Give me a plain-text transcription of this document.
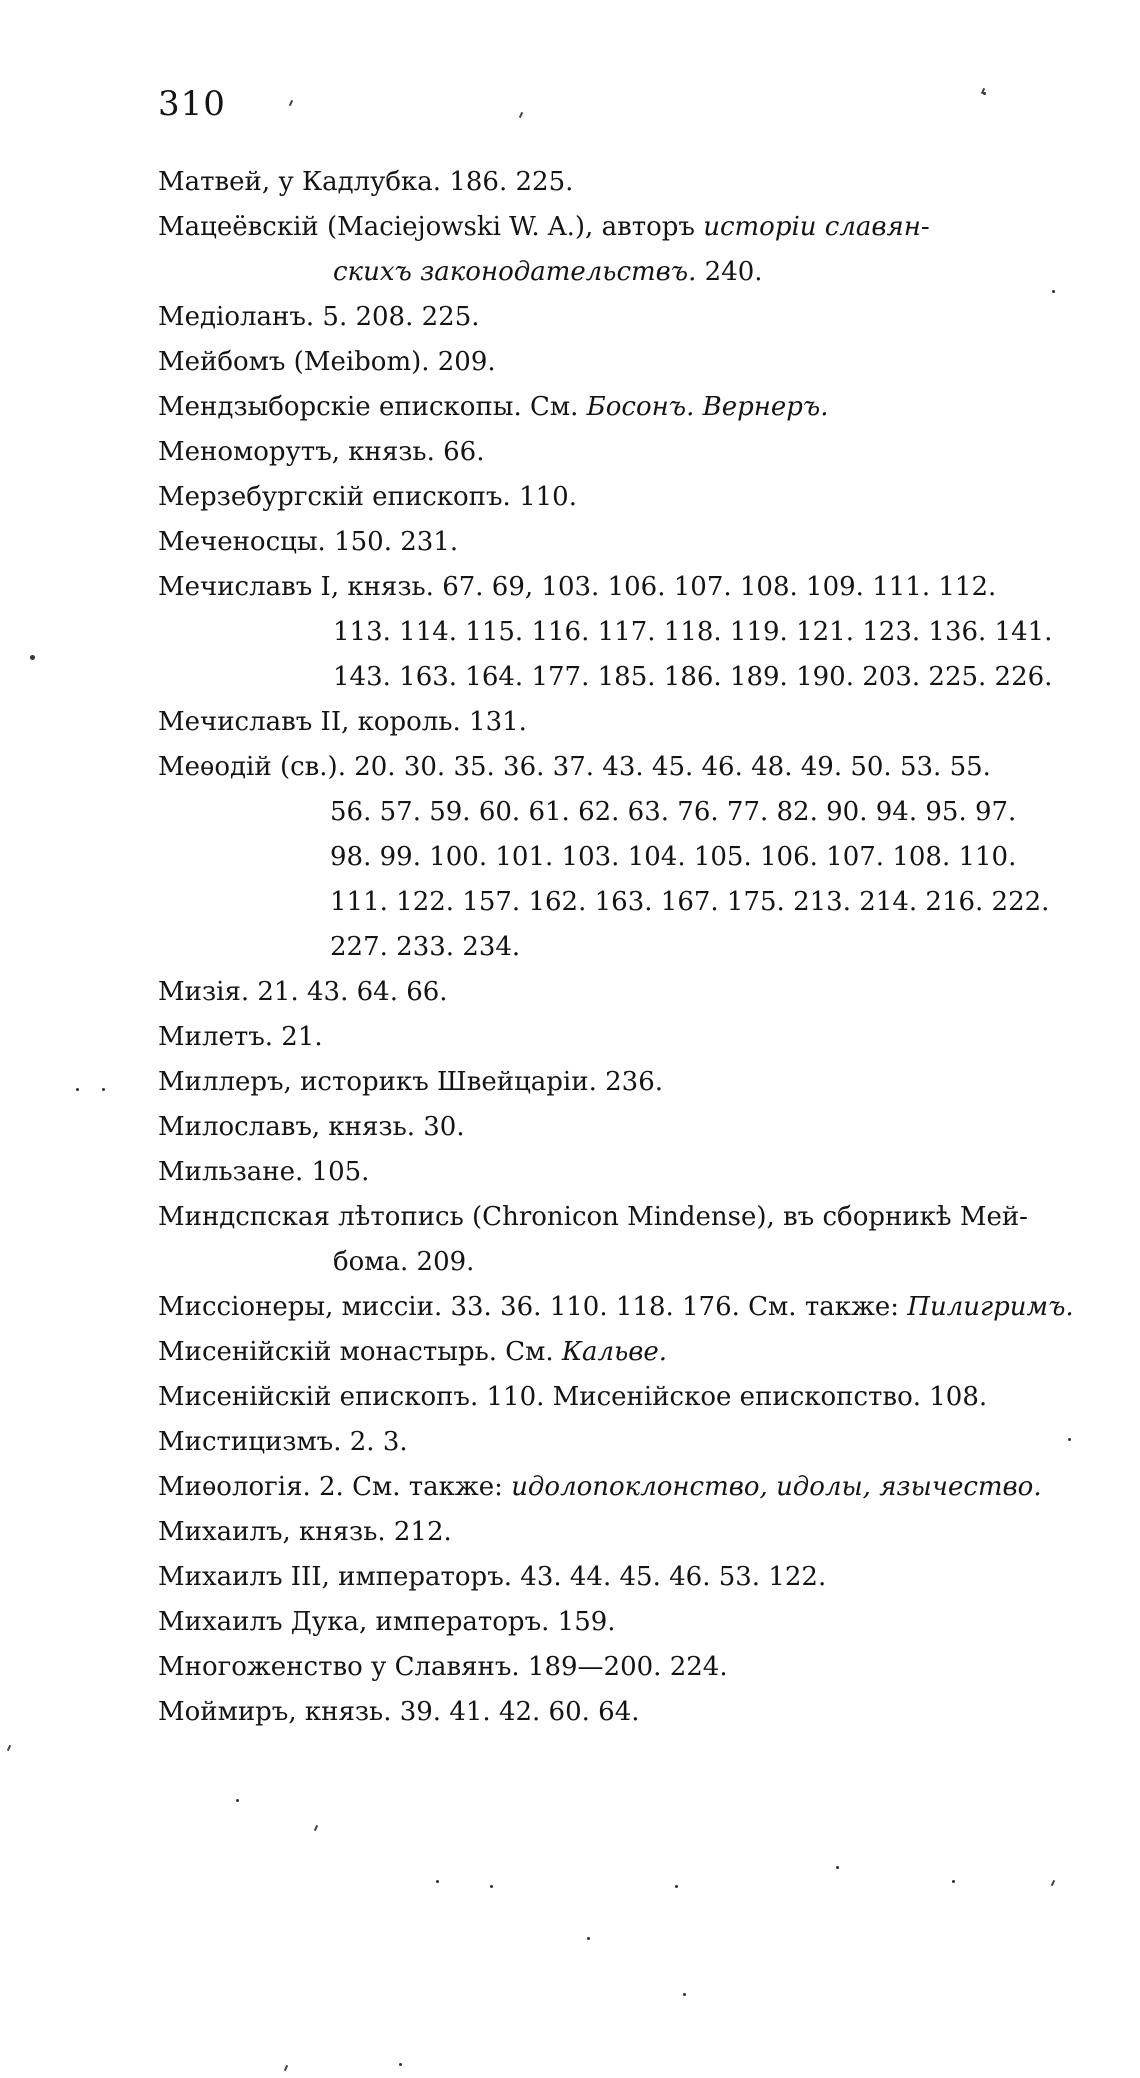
310
Матвей, у Кадлубка. 186. 225.
Мацеёвскій (Maciejowski W. A.), авторъ исторіи славян-
скихъ законодательствъ. 240.
Медіоланъ. 5. 208. 225.
Мейбомъ (Meibom). 209.
Мендзыборскіе епископы. См. Босонъ. Вернеръ.
Меноморутъ, князь. 66.
Мерзебургскій епископъ. 110.
Меченосцы. 150. 231.
Мечиславъ I, князь. 67. 69, 103. 106. 107. 108. 109. 111. 112.
113. 114. 115. 116. 117. 118. 119. 121. 123. 136. 141.
143. 163. 164. 177. 185. 186. 189. 190. 203. 225. 226.
Мечиславъ II, король. 131.
Меѳодій (св.). 20. 30. 35. 36. 37. 43. 45. 46. 48. 49. 50. 53. 55.
56. 57. 59. 60. 61. 62. 63. 76. 77. 82. 90. 94. 95. 97.
98. 99. 100. 101. 103. 104. 105. 106. 107. 108. 110.
111. 122. 157. 162. 163. 167. 175. 213. 214. 216. 222.
227. 233. 234.
Мизія. 21. 43. 64. 66.
Милетъ. 21.
Миллеръ, историкъ Швейцаріи. 236.
Милославъ, князь. 30.
Мильзане. 105.
Миндспская лѣтопись (Chronicon Mindense), въ сборникѣ Мей-
бома. 209.
Миссіонеры, миссіи. 33. 36. 110. 118. 176. См. также: Пилигримъ.
Мисенійскій монастырь. См. Кальве.
Мисенійскій епископъ. 110. Мисенійское епископство. 108.
Мистицизмъ. 2. 3.
Миѳологія. 2. См. также: идолопоклонство, идолы, язычество.
Михаилъ, князь. 212.
Михаилъ III, императоръ. 43. 44. 45. 46. 53. 122.
Михаилъ Дука, императоръ. 159.
Многоженство у Славянъ. 189—200. 224.
Моймиръ, князь. 39. 41. 42. 60. 64.
